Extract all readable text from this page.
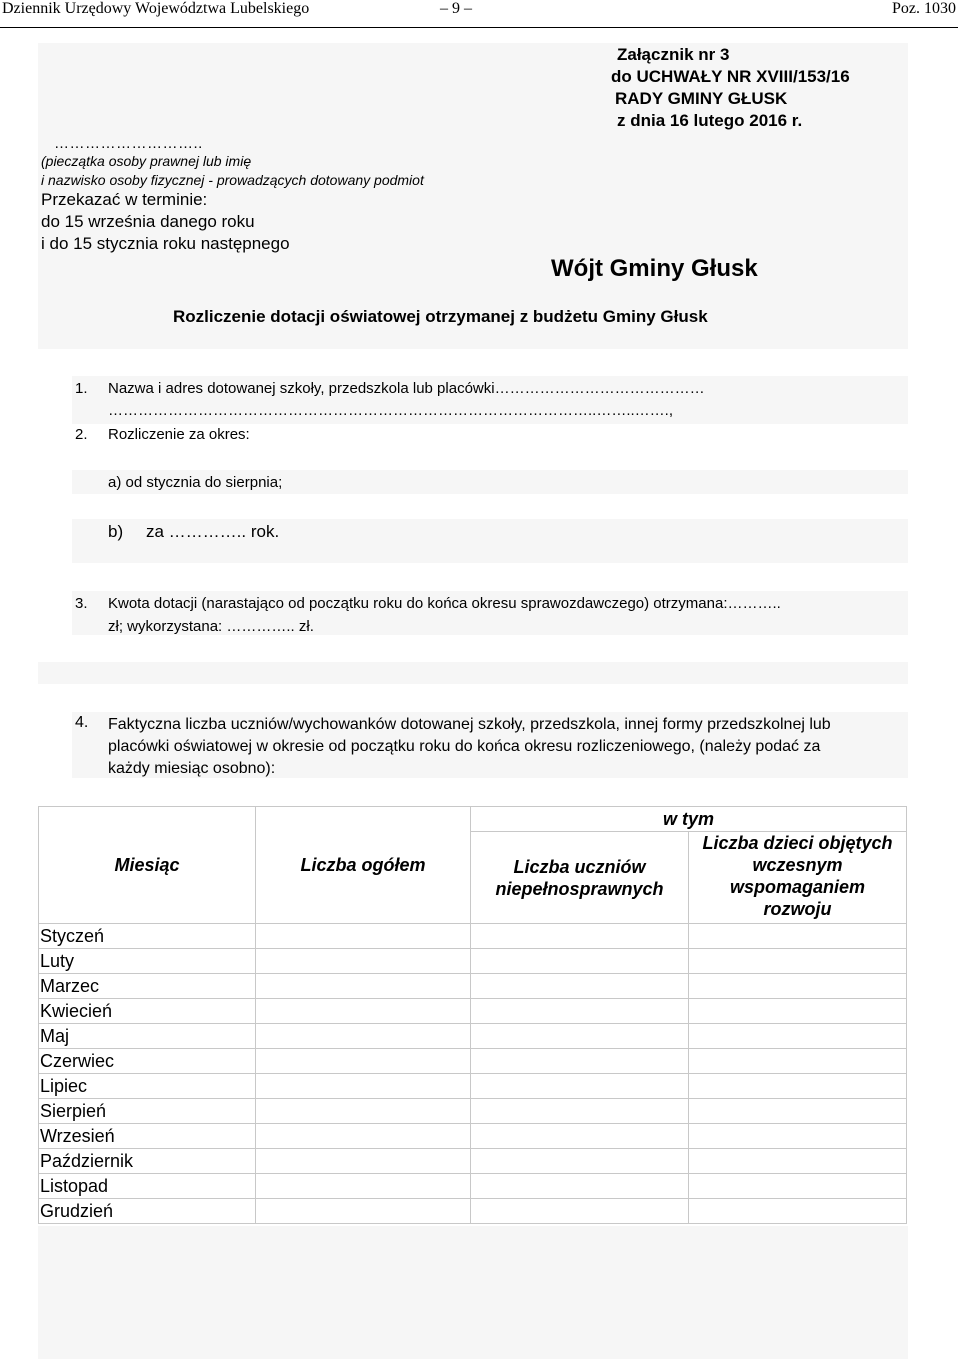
Dziennik Urzędowy Województwa Lubelskiego	– 9 –	Poz. 1030
Załącznik nr 3
do UCHWAŁY NR XVIII/153/16
RADY GMINY GŁUSK
z dnia 16 lutego 2016 r.
………………………..
(pieczątka osoby prawnej lub imię
i nazwisko osoby fizycznej - prowadzących dotowany podmiot
Przekazać w terminie:
do 15 września danego roku
i do 15 stycznia roku następnego
Wójt Gminy Głusk
Rozliczenie dotacji oświatowej otrzymanej z budżetu Gminy Głusk
1. Nazwa i adres dotowanej szkoły, przedszkola lub placówki……………………………………
……………………………………………………………………………………..……..…….,
2. Rozliczenie za okres:
a) od stycznia do sierpnia;
b) za ………….. rok.
3. Kwota dotacji (narastająco od początku roku do końca okresu sprawozdawczego) otrzymana:………..
zł; wykorzystana: ………….. zł.
4. Faktyczna liczba uczniów/wychowanków dotowanej szkoły, przedszkola, innej formy przedszkolnej lub
placówki oświatowej w okresie od początku roku do końca okresu rozliczeniowego, (należy podać za
każdy miesiąc osobno):
Miesiąc	Liczba ogółem	w tym	
		Liczba uczniów niepełnosprawnych	Liczba dzieci objętych wczesnym wspomaganiem rozwoju
Styczeń			
Luty			
Marzec			
Kwiecień			
Maj			
Czerwiec			
Lipiec			
Sierpień			
Wrzesień			
Październik			
Listopad			
Grudzień			
